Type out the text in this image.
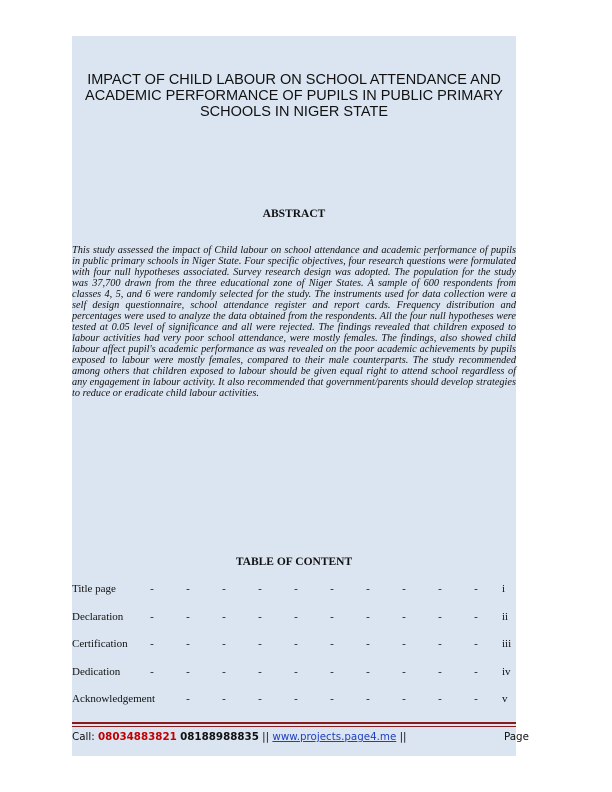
IMPACT OF CHILD LABOUR ON SCHOOL ATTENDANCE AND ACADEMIC PERFORMANCE OF PUPILS IN PUBLIC PRIMARY SCHOOLS IN NIGER STATE
ABSTRACT

This study assessed the impact of Child labour on school attendance and academic performance of pupils in public primary schools in Niger State. Four specific objectives, four research questions were formulated with four null hypotheses associated. Survey research design was adopted. The population for the study was 37,700 drawn from the three educational zone of Niger States. A sample of 600 respondents from classes 4, 5, and 6 were randomly selected for the study. The instruments used for data collection were a self design questionnaire, school attendance register and report cards. Frequency distribution and percentages were used to analyze the data obtained from the respondents. All the four null hypotheses were tested at 0.05 level of significance and all were rejected. The findings revealed that children exposed to labour activities had very poor school attendance, were mostly females. The findings, also showed child labour affect pupil's academic performance as was revealed on the poor academic achievements by pupils exposed to labour were mostly females, compared to their male counterparts. The study recommended among others that children exposed to labour should be given equal right to attend school regardless of any engagement in labour activity. It also recommended that government/parents should develop strategies to reduce or eradicate child labour activities.

TABLE OF CONTENT
Title page	-	-	-	-	-	-	-	-	-	- i
Declaration -	-	-	-	-	-	-	-	-	- ii
Certification -	-	-	-	-	-	-	-	-	- iii
Dedication	-	-	-	-	-	-	-	-	-	- iv
Acknowledgement	-	-	-	-	-	-	-	-	- v
Call: 08034883821 08188988835 || www.projects.page4.me ||	Page
